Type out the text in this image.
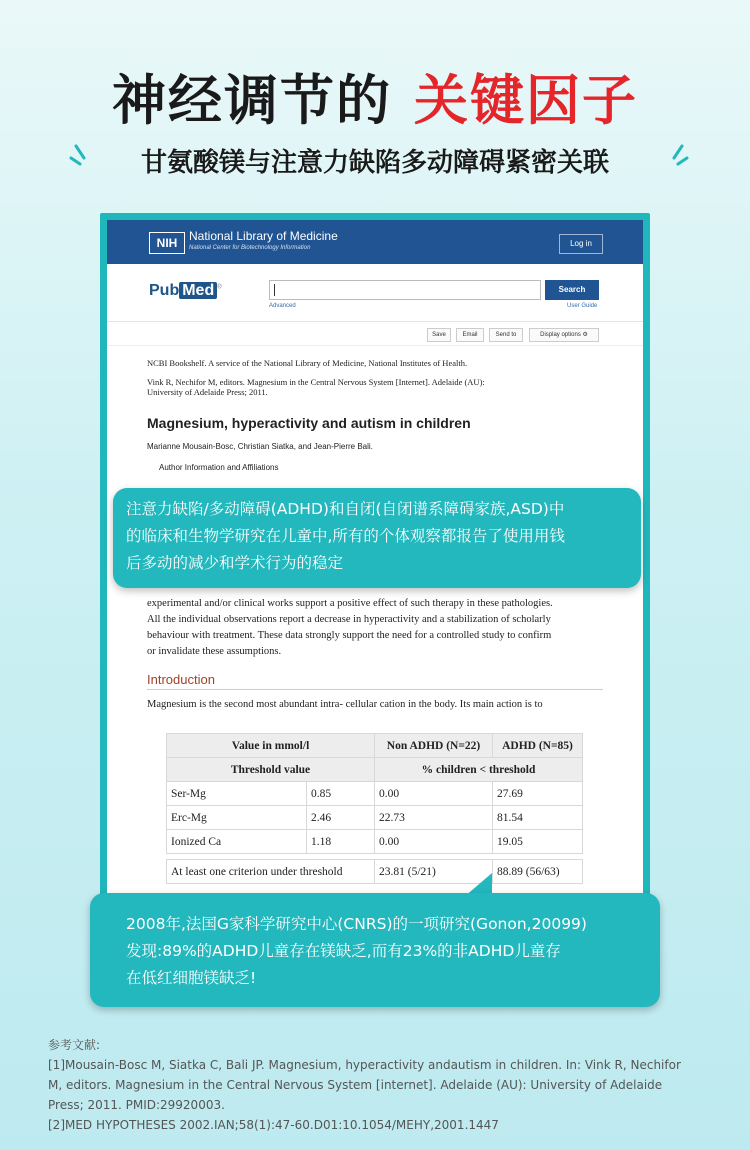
神经调节的 关键因子
甘氨酸镁与注意力缺陷多动障碍紧密关联
NIH National Library of Medicine
National Center for Biotechnology Information	Log in
Pub Med ®	Search
Advanced	User Guide
Save	Email	Send to	Display options ⚙
NCBI Bookshelf. A service of the National Library of Medicine, National Institutes of Health.
Vink R, Nechifor M, editors. Magnesium in the Central Nervous System [Internet]. Adelaide (AU):
University of Adelaide Press; 2011.
Magnesium, hyperactivity and autism in children
Marianne Mousain-Bosc, Christian Siatka, and Jean-Pierre Bali.
Author Information and Affiliations
experimental and/or clinical works support a positive effect of such therapy in these pathologies.
All the individual observations report a decrease in hyperactivity and a stabilization of scholarly
behaviour with treatment. These data strongly support the need for a controlled study to confirm
or invalidate these assumptions.
Introduction
Magnesium is the second most abundant intra- cellular cation in the body. Its main action is to
Value in mmol/l		Non ADHD (N=22)	ADHD (N=85)
Threshold value		% children < threshold	
Ser-Mg	0.85	0.00	27.69
Erc-Mg	2.46	22.73	81.54
Ionized Ca	1.18	0.00	19.05

At least one criterion under threshold		23.81 (5/21)	88.89 (56/63)
注意力缺陷/多动障碍(ADHD)和自闭(自闭谱系障碍家族,ASD)中
的临床和生物学研究在儿童中,所有的个体观察都报告了使用用钱
后多动的减少和学术行为的稳定
2008年,法国G家科学研究中心(CNRS)的一项研究(Gonon,20099)
发现:89%的ADHD儿童存在镁缺乏,而有23%的非ADHD儿童存
在低红细胞镁缺乏!
参考文献:
[1]Mousain-Bosc M, Siatka C, Bali JP. Magnesium, hyperactivity andautism in children. In: Vink R, Nechifor
M, editors. Magnesium in the Central Nervous System [internet]. Adelaide (AU): University of Adelaide
Press; 2011. PMID:29920003.
[2]MED HYPOTHESES 2002.IAN;58(1):47-60.D01:10.1054/MEHY,2001.1447
